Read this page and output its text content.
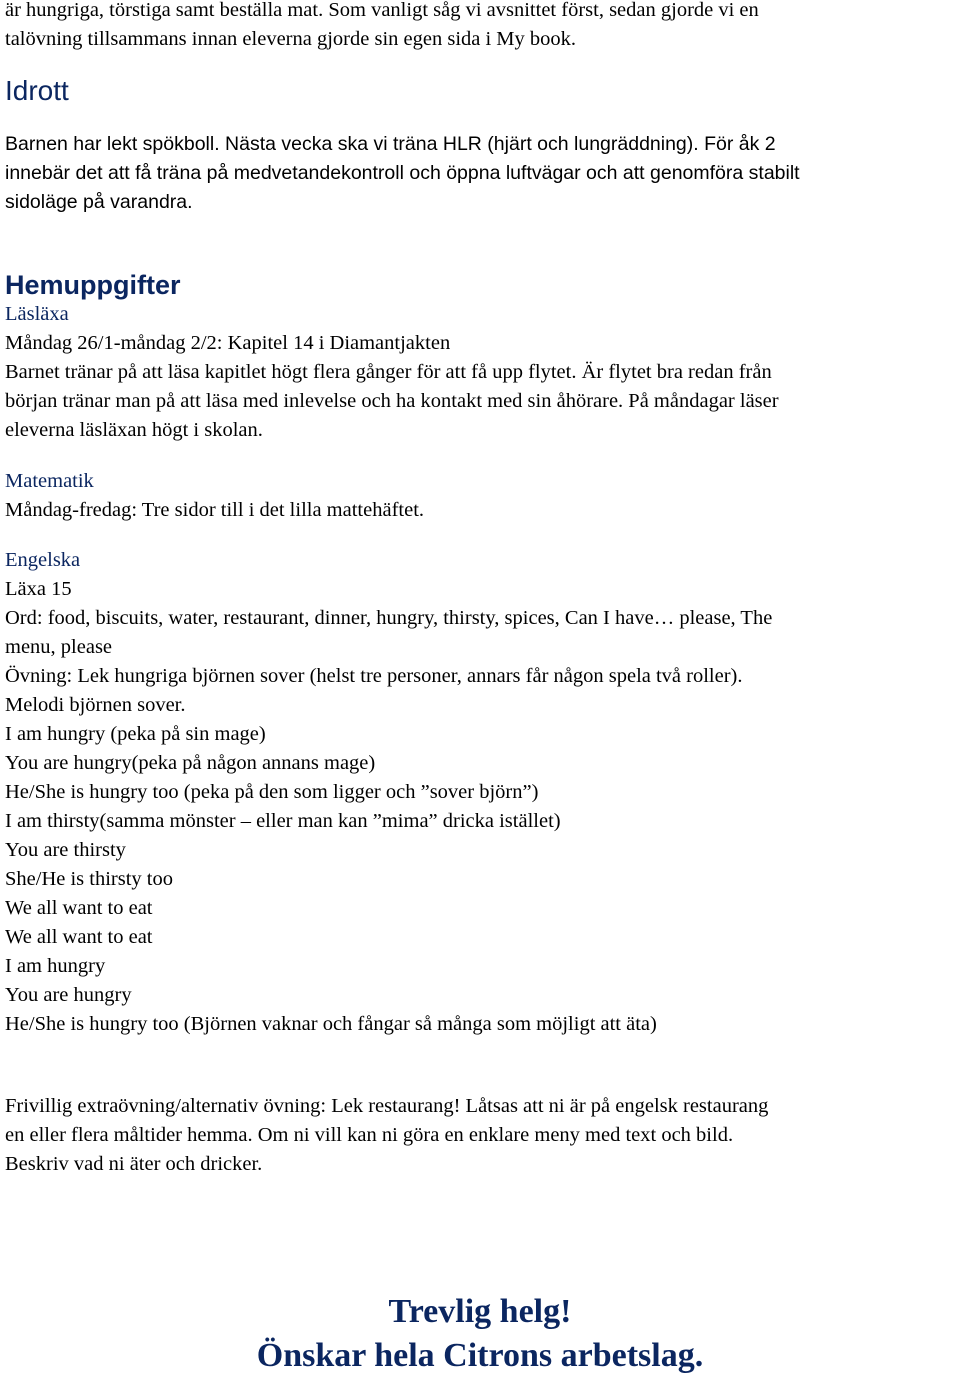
är hungriga, törstiga samt beställa mat. Som vanligt såg vi avsnittet först, sedan gjorde vi en
talövning tillsammans innan eleverna gjorde sin egen sida i My book.

Idrott

Barnen har lekt spökboll. Nästa vecka ska vi träna HLR (hjärt och lungräddning). För åk 2
innebär det att få träna på medvetandekontroll och öppna luftvägar och att genomföra stabilt
sidoläge på varandra.

Hemuppgifter
Läsläxa
Måndag 26/1-måndag 2/2: Kapitel 14 i Diamantjakten
Barnet tränar på att läsa kapitlet högt flera gånger för att få upp flytet. Är flytet bra redan från
början tränar man på att läsa med inlevelse och ha kontakt med sin åhörare. På måndagar läser
eleverna läsläxan högt i skolan.
Matematik
Måndag-fredag: Tre sidor till i det lilla mattehäftet.
Engelska
Läxa 15
Ord: food, biscuits, water, restaurant, dinner, hungry, thirsty, spices, Can I have… please, The
menu, please
Övning: Lek hungriga björnen sover (helst tre personer, annars får någon spela två roller).
Melodi björnen sover.
I am hungry (peka på sin mage)
You are hungry(peka på någon annans mage)
He/She is hungry too (peka på den som ligger och ”sover björn”)
I am thirsty(samma mönster – eller man kan ”mima” dricka istället)
You are thirsty
She/He is thirsty too
We all want to eat
We all want to eat
I am hungry
You are hungry
He/She is hungry too (Björnen vaknar och fångar så många som möjligt att äta)
Frivillig extraövning/alternativ övning: Lek restaurang! Låtsas att ni är på engelsk restaurang
en eller flera måltider hemma. Om ni vill kan ni göra en enklare meny med text och bild.
Beskriv vad ni äter och dricker.

Trevlig helg!

Önskar hela Citrons arbetslag.
